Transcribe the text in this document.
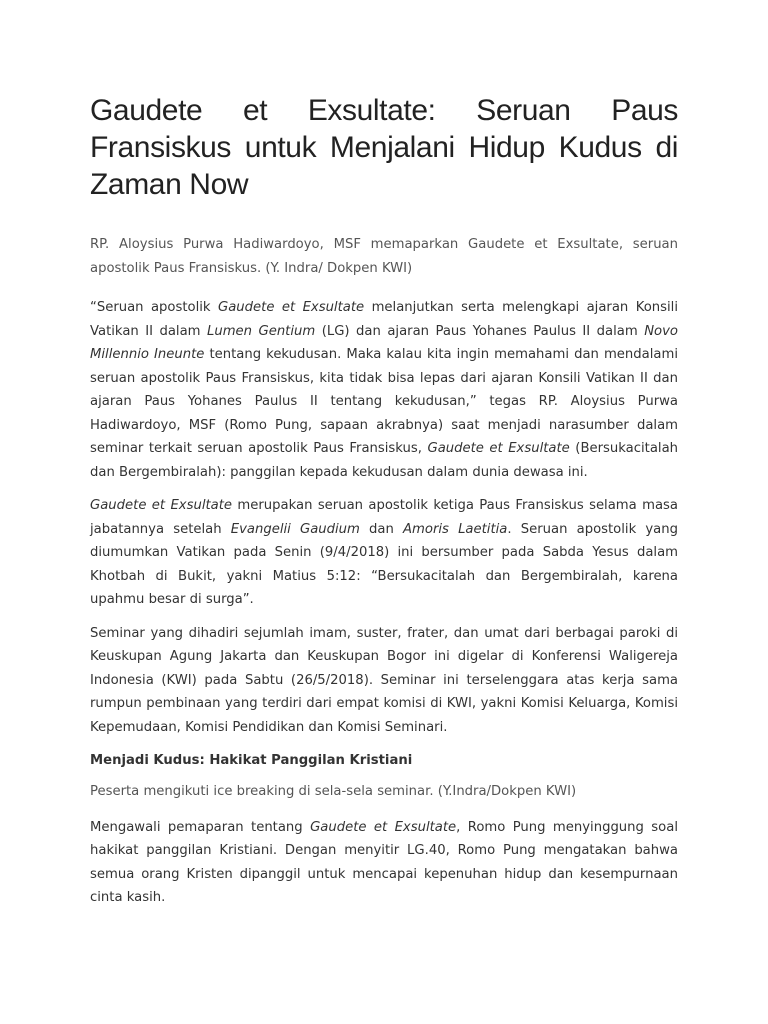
Gaudete et Exsultate: Seruan Paus Fransiskus untuk Menjalani Hidup Kudus di Zaman Now

RP. Aloysius Purwa Hadiwardoyo, MSF memaparkan Gaudete et Exsultate, seruan apostolik Paus Fransiskus. (Y. Indra/ Dokpen KWI)

“Seruan apostolik Gaudete et Exsultate melanjutkan serta melengkapi ajaran Konsili Vatikan II dalam Lumen Gentium (LG) dan ajaran Paus Yohanes Paulus II dalam Novo Millennio Ineunte tentang kekudusan. Maka kalau kita ingin memahami dan mendalami seruan apostolik Paus Fransiskus, kita tidak bisa lepas dari ajaran Konsili Vatikan II dan ajaran Paus Yohanes Paulus II tentang kekudusan,” tegas RP. Aloysius Purwa Hadiwardoyo, MSF (Romo Pung, sapaan akrabnya) saat menjadi narasumber dalam seminar terkait seruan apostolik Paus Fransiskus, Gaudete et Exsultate (Bersukacitalah dan Bergembiralah): panggilan kepada kekudusan dalam dunia dewasa ini.

Gaudete et Exsultate merupakan seruan apostolik ketiga Paus Fransiskus selama masa jabatannya setelah Evangelii Gaudium dan Amoris Laetitia. Seruan apostolik yang diumumkan Vatikan pada Senin (9/4/2018) ini bersumber pada Sabda Yesus dalam Khotbah di Bukit, yakni Matius 5:12: “Bersukacitalah dan Bergembiralah, karena upahmu besar di surga”.

Seminar yang dihadiri sejumlah imam, suster, frater, dan umat dari berbagai paroki di Keuskupan Agung Jakarta dan Keuskupan Bogor ini digelar di Konferensi Waligereja Indonesia (KWI) pada Sabtu (26/5/2018). Seminar ini terselenggara atas kerja sama rumpun pembinaan yang terdiri dari empat komisi di KWI, yakni Komisi Keluarga, Komisi Kepemudaan, Komisi Pendidikan dan Komisi Seminari.

Menjadi Kudus: Hakikat Panggilan Kristiani

Peserta mengikuti ice breaking di sela-sela seminar. (Y.Indra/Dokpen KWI)

Mengawali pemaparan tentang Gaudete et Exsultate, Romo Pung menyinggung soal hakikat panggilan Kristiani. Dengan menyitir LG.40, Romo Pung mengatakan bahwa semua orang Kristen dipanggil untuk mencapai kepenuhan hidup dan kesempurnaan cinta kasih.
